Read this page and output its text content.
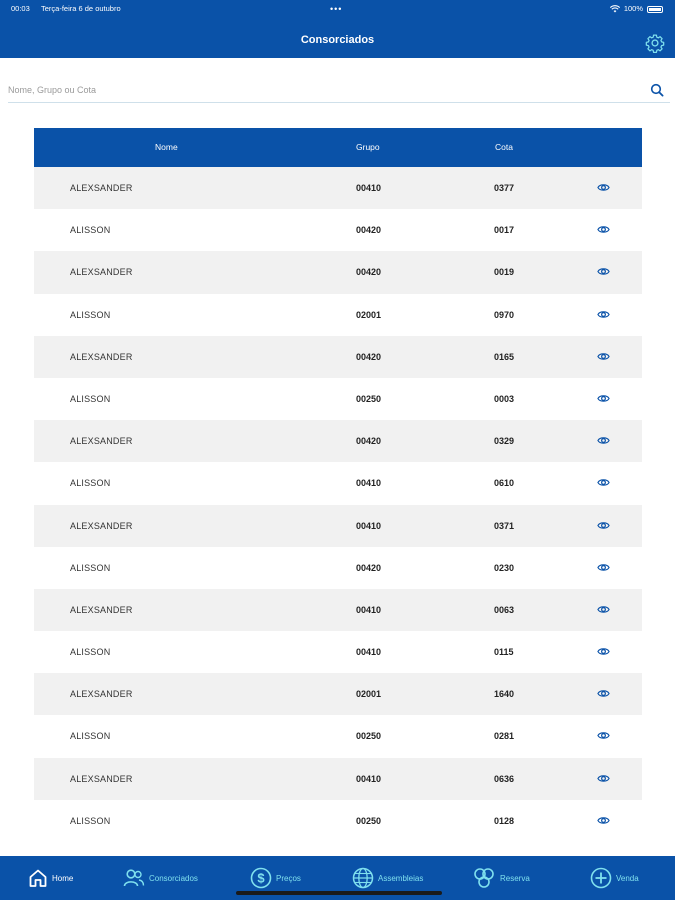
00:03 Terça-feira 6 de outubro	•••	100%
Consorciados
Nome, Grupo ou Cota
Nome	Grupo	Cota
ALEXSANDER	00410	0377
ALISSON	00420	0017
ALEXSANDER	00420	0019
ALISSON	02001	0970
ALEXSANDER	00420	0165
ALISSON	00250	0003
ALEXSANDER	00420	0329
ALISSON	00410	0610
ALEXSANDER	00410	0371
ALISSON	00420	0230
ALEXSANDER	00410	0063
ALISSON	00410	0115
ALEXSANDER	02001	1640
ALISSON	00250	0281
ALEXSANDER	00410	0636
ALISSON	00250	0128
Home	Consorciados	$ Preços	Assembleias	Reserva	Venda
